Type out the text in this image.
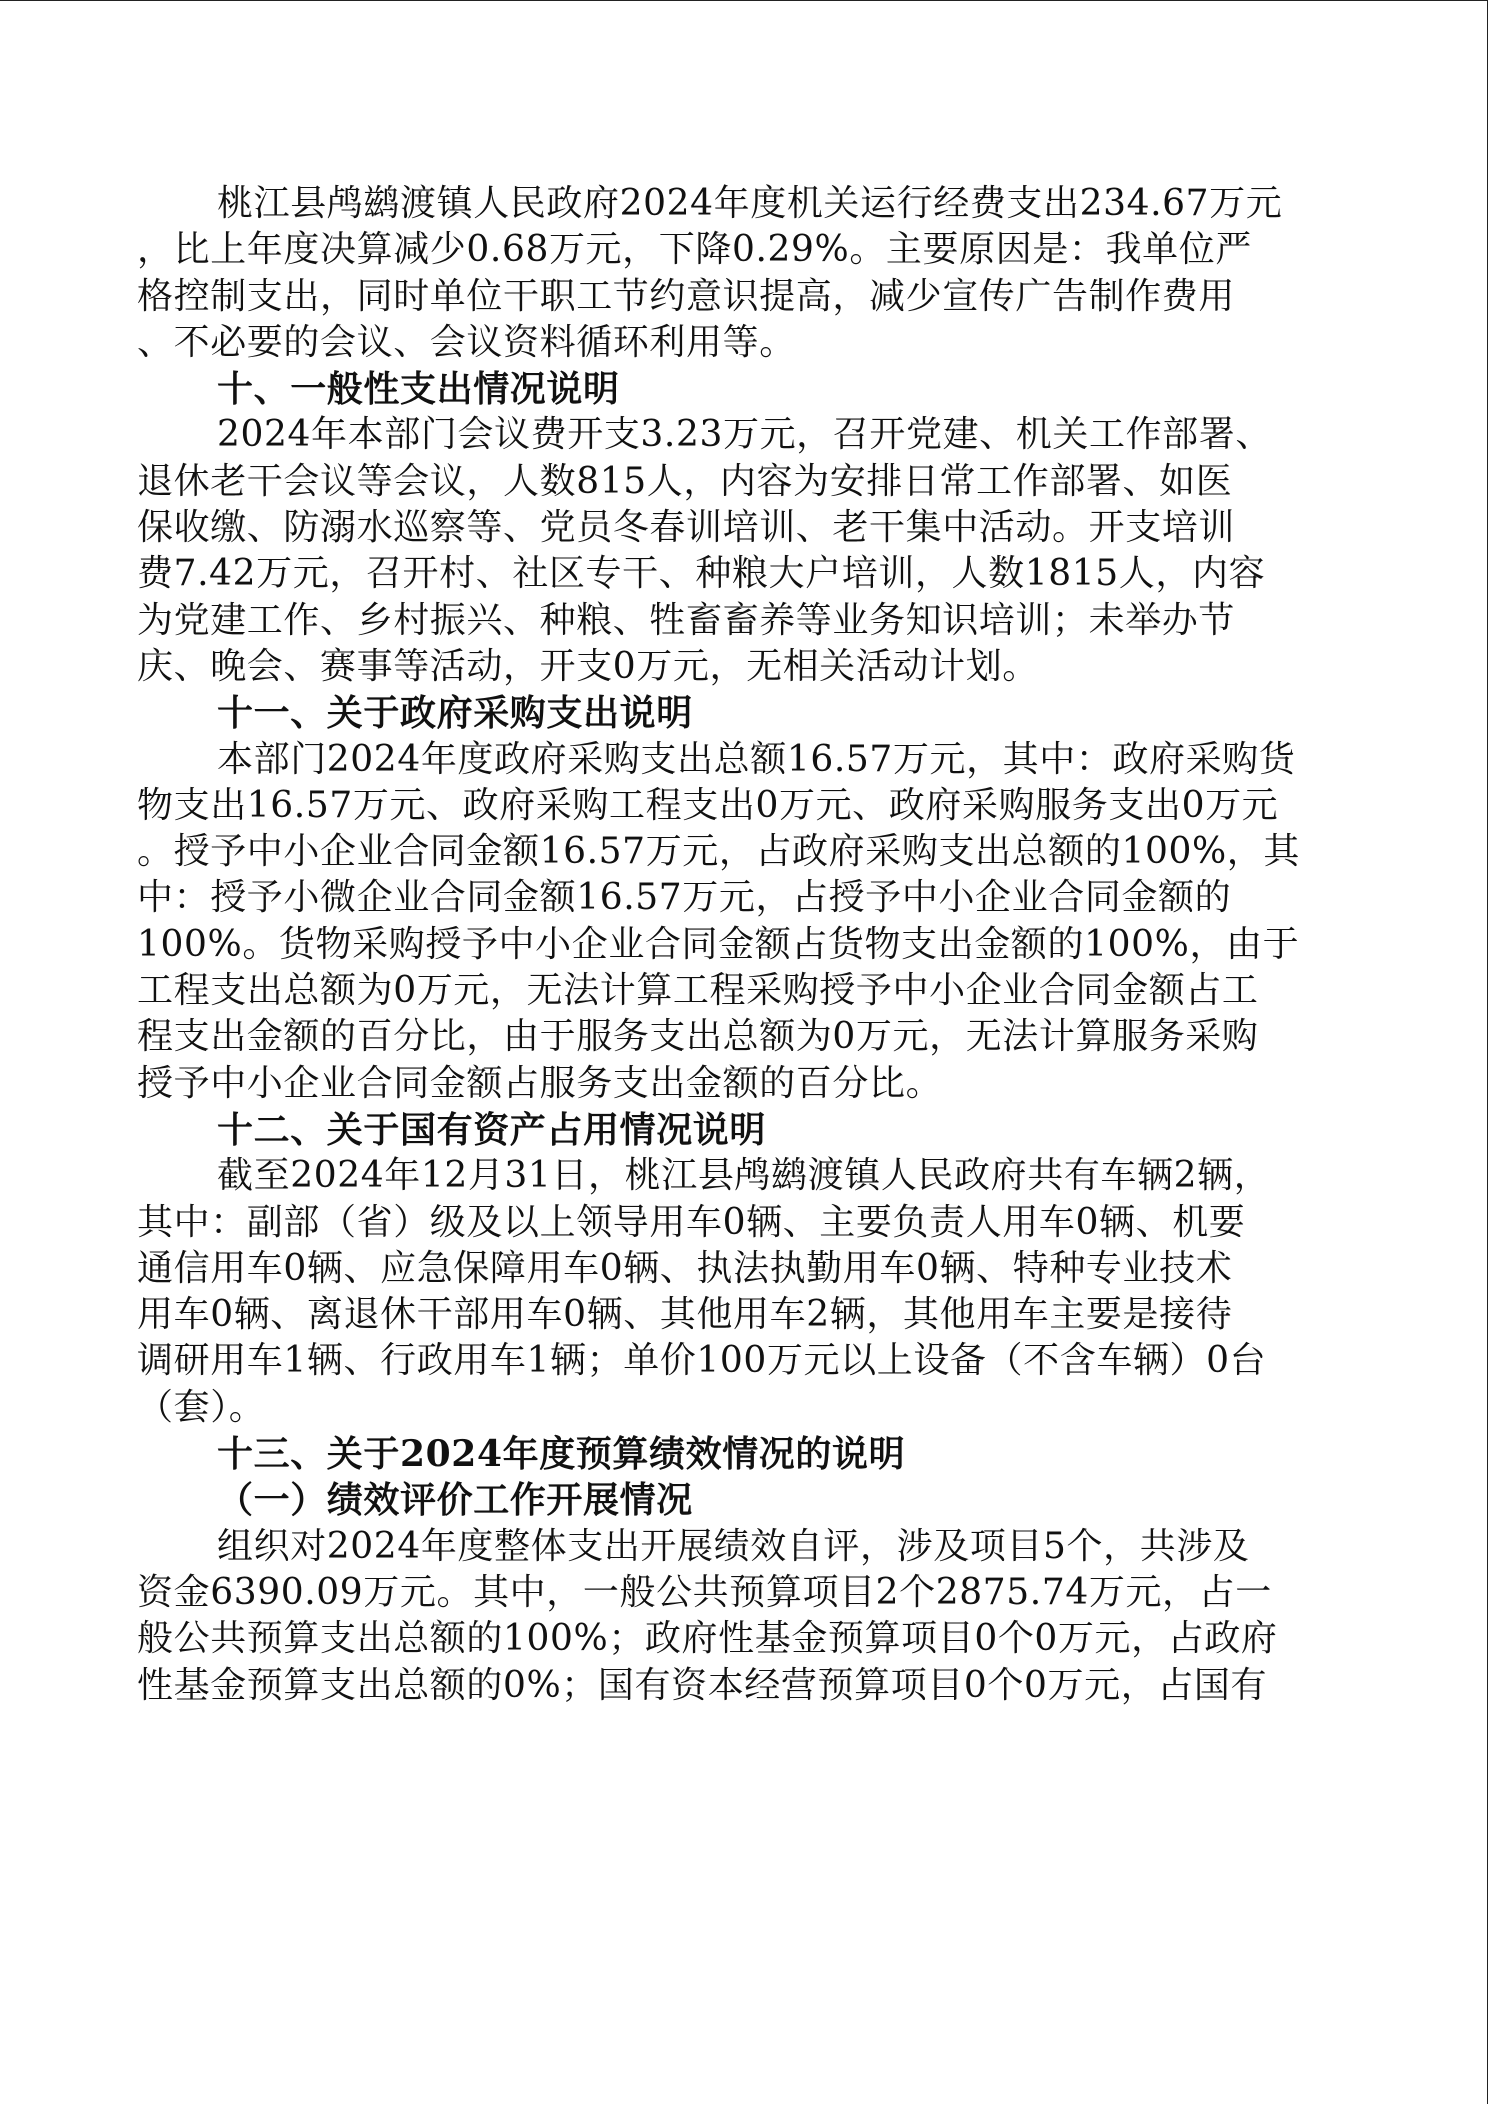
桃江县鸬鹚渡镇人民政府2024年度机关运行经费支出234.67万元
，比上年度决算减少0.68万元，下降0.29%。主要原因是：我单位严
格控制支出，同时单位干职工节约意识提高，减少宣传广告制作费用
、不必要的会议、会议资料循环利用等。
十、一般性支出情况说明
2024年本部门会议费开支3.23万元，召开党建、机关工作部署、
退休老干会议等会议，人数815人，内容为安排日常工作部署、如医
保收缴、防溺水巡察等、党员冬春训培训、老干集中活动。开支培训
费7.42万元，召开村、社区专干、种粮大户培训，人数1815人，内容
为党建工作、乡村振兴、种粮、牲畜畜养等业务知识培训；未举办节
庆、晚会、赛事等活动，开支0万元，无相关活动计划。
十一、关于政府采购支出说明
本部门2024年度政府采购支出总额16.57万元，其中：政府采购货
物支出16.57万元、政府采购工程支出0万元、政府采购服务支出0万元
。授予中小企业合同金额16.57万元，占政府采购支出总额的100%，其
中：授予小微企业合同金额16.57万元，占授予中小企业合同金额的
100%。货物采购授予中小企业合同金额占货物支出金额的100%，由于
工程支出总额为0万元，无法计算工程采购授予中小企业合同金额占工
程支出金额的百分比，由于服务支出总额为0万元，无法计算服务采购
授予中小企业合同金额占服务支出金额的百分比。
十二、关于国有资产占用情况说明
截至2024年12月31日，桃江县鸬鹚渡镇人民政府共有车辆2辆，
其中：副部（省）级及以上领导用车0辆、主要负责人用车0辆、机要
通信用车0辆、应急保障用车0辆、执法执勤用车0辆、特种专业技术
用车0辆、离退休干部用车0辆、其他用车2辆，其他用车主要是接待
调研用车1辆、行政用车1辆；单价100万元以上设备（不含车辆）0台
（套）。
十三、关于2024年度预算绩效情况的说明
（一）绩效评价工作开展情况
组织对2024年度整体支出开展绩效自评，涉及项目5个，共涉及
资金6390.09万元。其中，一般公共预算项目2个2875.74万元，占一
般公共预算支出总额的100%；政府性基金预算项目0个0万元，占政府
性基金预算支出总额的0%；国有资本经营预算项目0个0万元，占国有
